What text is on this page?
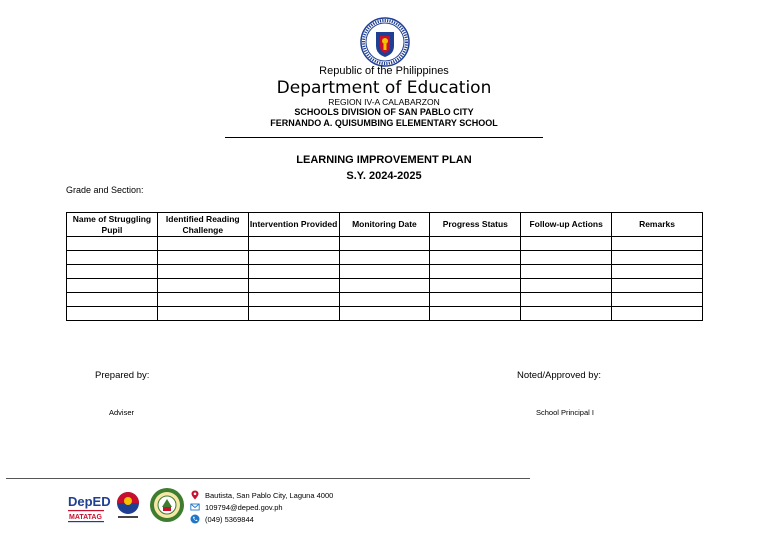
Republic of the Philippines
Department of Education
REGION IV-A CALABARZON
SCHOOLS DIVISION OF SAN PABLO CITY
FERNANDO A. QUISUMBING ELEMENTARY SCHOOL
LEARNING IMPROVEMENT PLAN
S.Y. 2024-2025
Grade and Section:
Name of Struggling Pupil	Identified Reading Challenge	Intervention Provided	Monitoring Date	Progress Status	Follow-up Actions	Remarks

Prepared by:	Noted/Approved by:
Adviser	School Principal I
DepED
MATATAG
Bautista, San Pablo City, Laguna 4000
109794@deped.gov.ph
(049) 5369844
